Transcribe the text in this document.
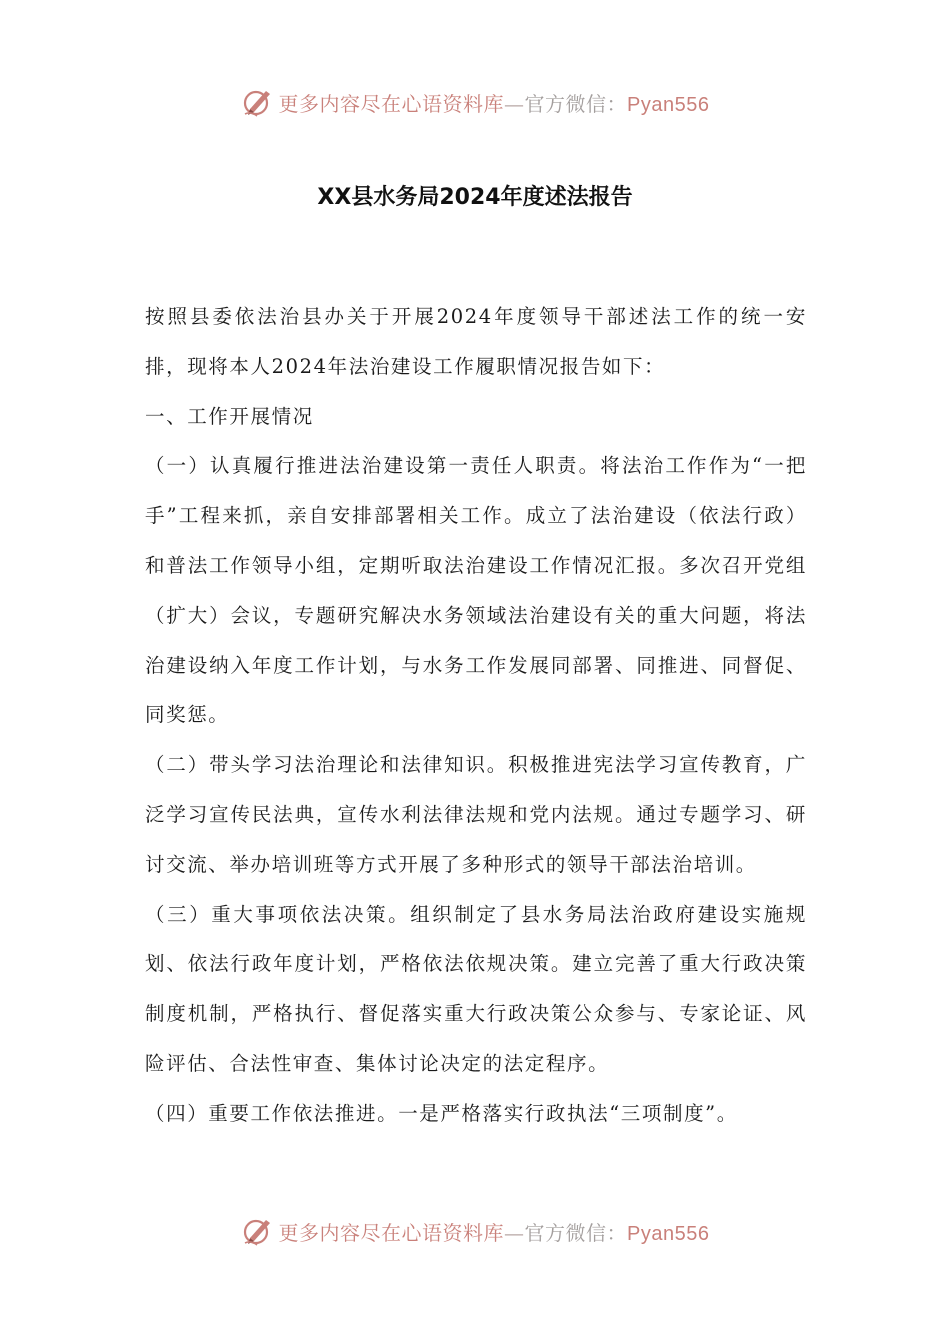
更多内容尽在心语资料库—官方微信：Pyan556
XX县水务局2024年度述法报告

按照县委依法治县办关于开展2024年度领导干部述法工作的统一安排，现将本人2024年法治建设工作履职情况报告如下：

一、工作开展情况

（一）认真履行推进法治建设第一责任人职责。将法治工作作为“一把手”工程来抓，亲自安排部署相关工作。成立了法治建设（依法行政）和普法工作领导小组，定期听取法治建设工作情况汇报。多次召开党组（扩大）会议，专题研究解决水务领域法治建设有关的重大问题，将法治建设纳入年度工作计划，与水务工作发展同部署、同推进、同督促、同奖惩。

（二）带头学习法治理论和法律知识。积极推进宪法学习宣传教育，广泛学习宣传民法典，宣传水利法律法规和党内法规。通过专题学习、研讨交流、举办培训班等方式开展了多种形式的领导干部法治培训。

（三）重大事项依法决策。组织制定了县水务局法治政府建设实施规划、依法行政年度计划，严格依法依规决策。建立完善了重大行政决策制度机制，严格执行、督促落实重大行政决策公众参与、专家论证、风险评估、合法性审查、集体讨论决定的法定程序。

（四）重要工作依法推进。一是严格落实行政执法“三项制度”。

更多内容尽在心语资料库—官方微信：Pyan556
